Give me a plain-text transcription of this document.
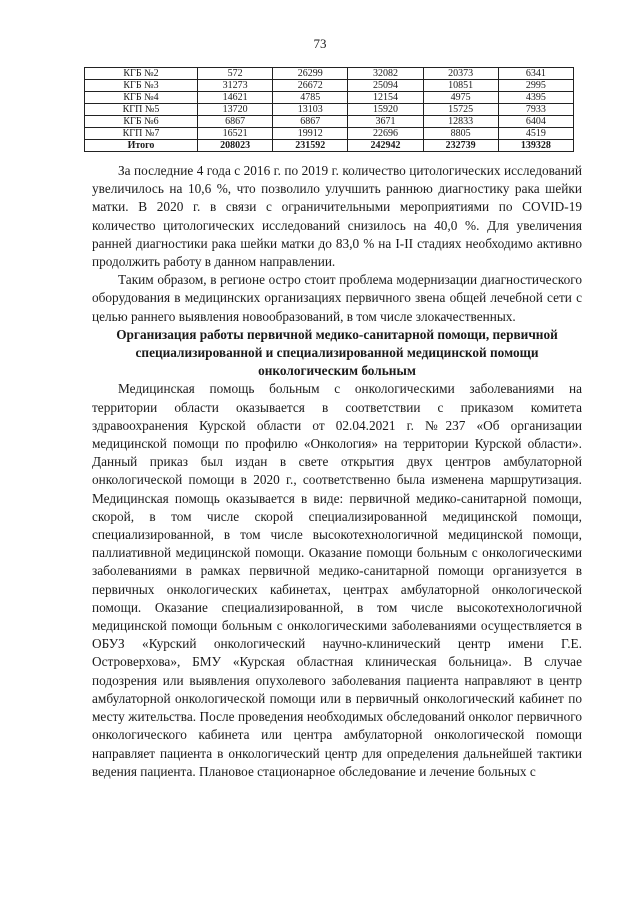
73
КГБ №2	572	26299	32082	20373	6341
КГБ №3	31273	26672	25094	10851	2995
КГБ №4	14621	4785	12154	4975	4395
КГП №5	13720	13103	15920	15725	7933
КГБ №6	6867	6867	3671	12833	6404
КГП №7	16521	19912	22696	8805	4519
Итого	208023	231592	242942	232739	139328

За последние 4 года с 2016 г. по 2019 г. количество цитологических исследований увеличилось на 10,6 %, что позволило улучшить раннюю диагностику рака шейки матки. В 2020 г. в связи с ограничительными мероприятиями по COVID-19 количество цитологических исследований снизилось на 40,0 %. Для увеличения ранней диагностики рака шейки матки до 83,0 % на I-II стадиях необходимо активно продолжить работу в данном направлении.

Таким образом, в регионе остро стоит проблема модернизации диагностического оборудования в медицинских организациях первичного звена общей лечебной сети с целью раннего выявления новообразований, в том числе злокачественных.

Организация работы первичной медико-санитарной помощи, первичной специализированной и специализированной медицинской помощи онкологическим больным

Медицинская помощь больным с онкологическими заболеваниями на территории области оказывается в соответствии с приказом комитета здравоохранения Курской области от 02.04.2021 г. №237 «Об организации медицинской помощи по профилю «Онкология» на территории Курской области». Данный приказ был издан в свете открытия двух центров амбулаторной онкологической помощи в 2020 г., соответственно была изменена маршрутизация. Медицинская помощь оказывается в виде: первичной медико-санитарной помощи, скорой, в том числе скорой специализированной медицинской помощи, специализированной, в том числе высокотехнологичной медицинской помощи, паллиативной медицинской помощи. Оказание помощи больным с онкологическими заболеваниями в рамках первичной медико-санитарной помощи организуется в первичных онкологических кабинетах, центрах амбулаторной онкологической помощи. Оказание специализированной, в том числе высокотехнологичной медицинской помощи больным с онкологическими заболеваниями осуществляется в ОБУЗ «Курский онкологический научно-клинический центр имени Г.Е. Островерхова», БМУ «Курская областная клиническая больница». В случае подозрения или выявления опухолевого заболевания пациента направляют в центр амбулаторной онкологической помощи или в первичный онкологический кабинет по месту жительства. После проведения необходимых обследований онколог первичного онкологического кабинета или центра амбулаторной онкологической помощи направляет пациента в онкологический центр для определения дальнейшей тактики ведения пациента. Плановое стационарное обследование и лечение больных с
